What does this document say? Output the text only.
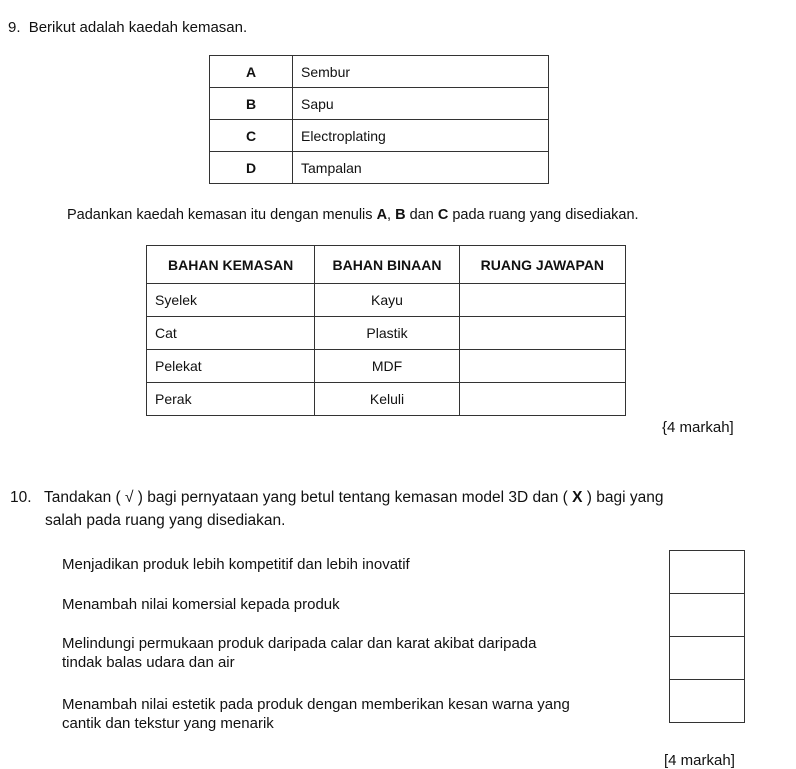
9. Berikut adalah kaedah kemasan.
A	Sembur
B	Sapu
C	Electroplating
D	Tampalan
Padankan kaedah kemasan itu dengan menulis A, B dan C pada ruang yang disediakan.
BAHAN KEMASAN	BAHAN BINAAN	RUANG JAWAPAN
Syelek	Kayu	
Cat	Plastik	
Pelekat	MDF	
Perak	Keluli	
{4 markah]
10. Tandakan ( √ ) bagi pernyataan yang betul tentang kemasan model 3D dan ( X ) bagi yang
salah pada ruang yang disediakan.
Menjadikan produk lebih kompetitif dan lebih inovatif
Menambah nilai komersial kepada produk
Melindungi permukaan produk daripada calar dan karat akibat daripada
tindak balas udara dan air
Menambah nilai estetik pada produk dengan memberikan kesan warna yang
cantik dan tekstur yang menarik
[4 markah]
